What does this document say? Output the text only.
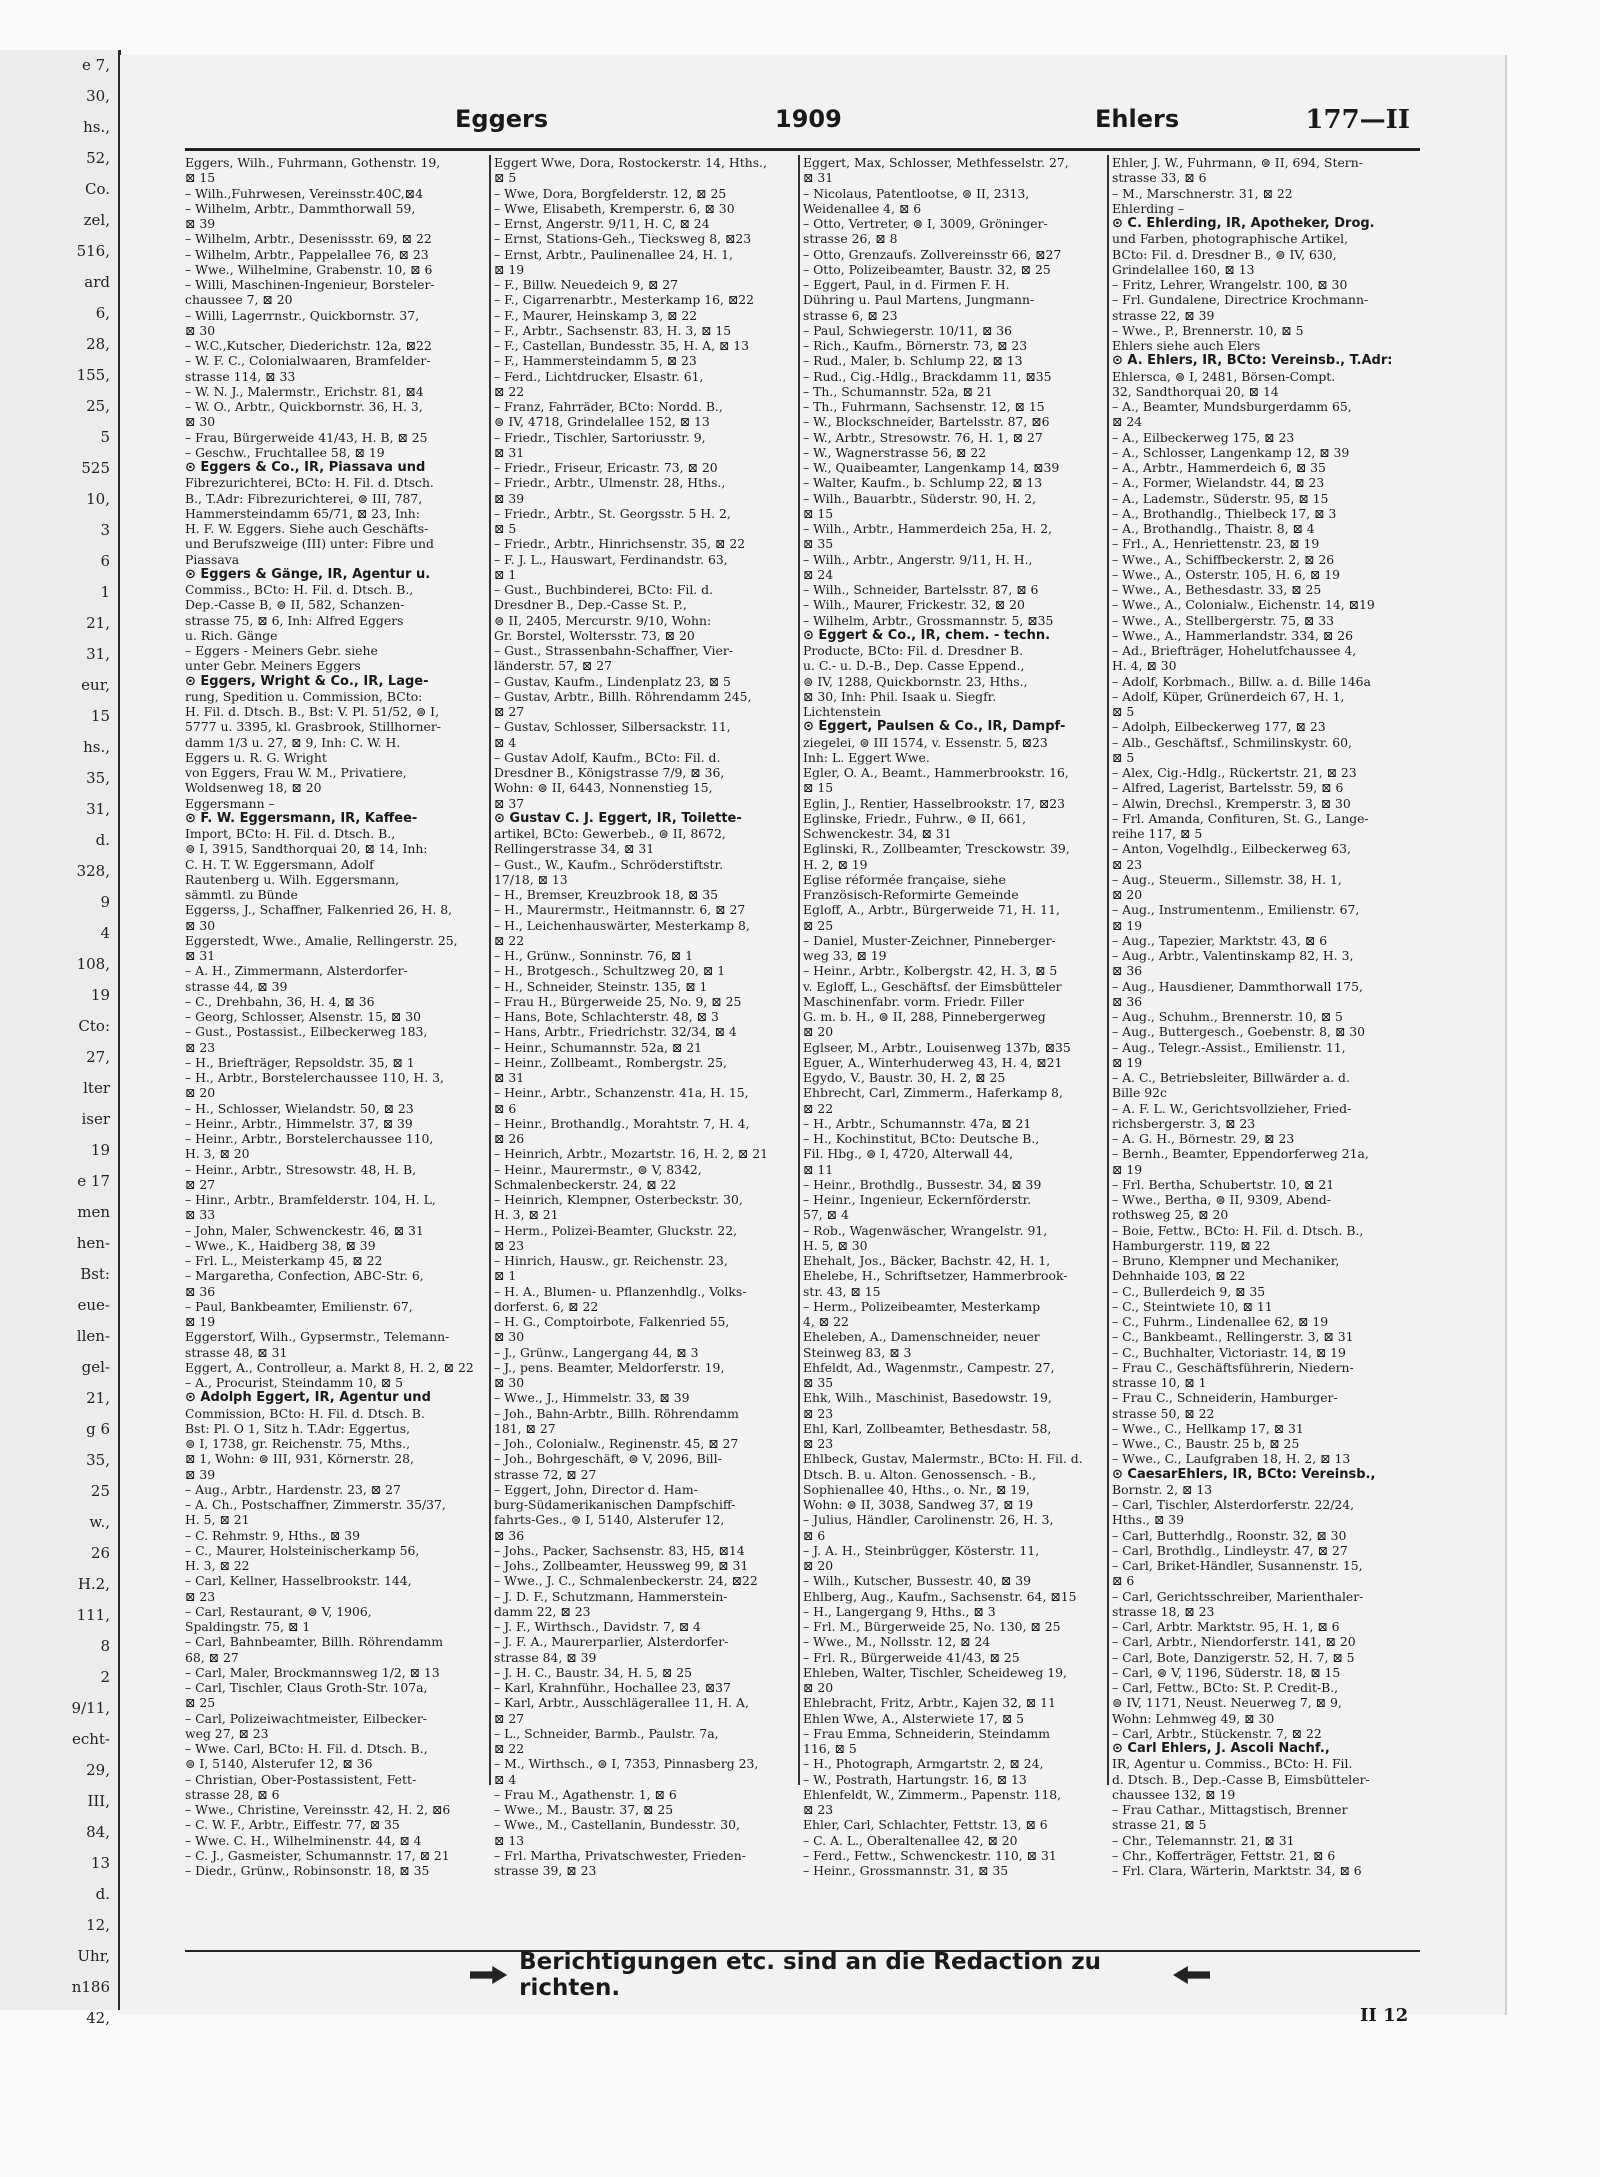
e 7,
30,
hs.,
52,
Co.
zel,
516,
ard
6,
28,
155,
25,
5
525
10,
3
6
1
21,
31,
eur,
15
hs.,
35,
31,
d.
328,
9
4
108,
19
Cto:
27,
lter
iser
19
e 17
men
hen-
Bst:
eue-
llen-
gel-
21,
g 6
35,
25
w.,
26
H.2,
111,
8
2
9/11,
echt-
29,
III,
84,
13
d.
12,
Uhr,
n186
42,
Eggers	1909	Ehlers	177—II

Eggers, Wilh., Fuhrmann, Gothenstr. 19,

⊠ 15

– Wilh.,Fuhrwesen, Vereinsstr.40C,⊠4

– Wilhelm, Arbtr., Dammthorwall 59,

⊠ 39

– Wilhelm, Arbtr., Desenissstr. 69, ⊠ 22

– Wilhelm, Arbtr., Pappelallee 76, ⊠ 23

– Wwe., Wilhelmine, Grabenstr. 10, ⊠ 6

– Willi, Maschinen-Ingenieur, Borsteler-

chaussee 7, ⊠ 20

– Willi, Lagerrnstr., Quickbornstr. 37,

⊠ 30

– W.C.,Kutscher, Diederichstr. 12a, ⊠22

– W. F. C., Colonialwaaren, Bramfelder-

strasse 114, ⊠ 33

– W. N. J., Malermstr., Erichstr. 81, ⊠4

– W. O., Arbtr., Quickbornstr. 36, H. 3,

⊠ 30

– Frau, Bürgerweide 41/43, H. B, ⊠ 25

– Geschw., Fruchtallee 58, ⊠ 19

⊙ Eggers & Co., IR, Piassava und

Fibrezurichterei, BCto: H. Fil. d. Dtsch.

B., T.Adr: Fibrezurichterei, ⊜ III, 787,

Hammersteindamm 65/71, ⊠ 23, Inh:

H. F. W. Eggers. Siehe auch Geschäfts-

und Berufszweige (III) unter: Fibre und

Piassava

⊙ Eggers & Gänge, IR, Agentur u.

Commiss., BCto: H. Fil. d. Dtsch. B.,

Dep.-Casse B, ⊜ II, 582, Schanzen-

strasse 75, ⊠ 6, Inh: Alfred Eggers

u. Rich. Gänge

– Eggers - Meiners Gebr. siehe

unter Gebr. Meiners Eggers

⊙ Eggers, Wright & Co., IR, Lage-

rung, Spedition u. Commission, BCto:

H. Fil. d. Dtsch. B., Bst: V. Pl. 51/52, ⊜ I,

5777 u. 3395, kl. Grasbrook, Stillhorner-

damm 1/3 u. 27, ⊠ 9, Inh: C. W. H.

Eggers u. R. G. Wright

von Eggers, Frau W. M., Privatiere,

Woldsenweg 18, ⊠ 20

Eggersmann –

⊙ F. W. Eggersmann, IR, Kaffee-

Import, BCto: H. Fil. d. Dtsch. B.,

⊜ I, 3915, Sandthorquai 20, ⊠ 14, Inh:

C. H. T. W. Eggersmann, Adolf

Rautenberg u. Wilh. Eggersmann,

sämmtl. zu Bünde

Eggerss, J., Schaffner, Falkenried 26, H. 8,

⊠ 30

Eggerstedt, Wwe., Amalie, Rellingerstr. 25,

⊠ 31

– A. H., Zimmermann, Alsterdorfer-

strasse 44, ⊠ 39

– C., Drehbahn, 36, H. 4, ⊠ 36

– Georg, Schlosser, Alsenstr. 15, ⊠ 30

– Gust., Postassist., Eilbeckerweg 183,

⊠ 23

– H., Briefträger, Repsoldstr. 35, ⊠ 1

– H., Arbtr., Borstelerchaussee 110, H. 3,

⊠ 20

– H., Schlosser, Wielandstr. 50, ⊠ 23

– Heinr., Arbtr., Himmelstr. 37, ⊠ 39

– Heinr., Arbtr., Borstelerchaussee 110,

H. 3, ⊠ 20

– Heinr., Arbtr., Stresowstr. 48, H. B,

⊠ 27

– Hinr., Arbtr., Bramfelderstr. 104, H. L,

⊠ 33

– John, Maler, Schwenckestr. 46, ⊠ 31

– Wwe., K., Haidberg 38, ⊠ 39

– Frl. L., Meisterkamp 45, ⊠ 22

– Margaretha, Confection, ABC-Str. 6,

⊠ 36

– Paul, Bankbeamter, Emilienstr. 67,

⊠ 19

Eggerstorf, Wilh., Gypsermstr., Telemann-

strasse 48, ⊠ 31

Eggert, A., Controlleur, a. Markt 8, H. 2, ⊠ 22

– A., Procurist, Steindamm 10, ⊠ 5

⊙ Adolph Eggert, IR, Agentur und

Commission, BCto: H. Fil. d. Dtsch. B.

Bst: Pl. O 1, Sitz h. T.Adr: Eggertus,

⊜ I, 1738, gr. Reichenstr. 75, Mths.,

⊠ 1, Wohn: ⊜ III, 931, Körnerstr. 28,

⊠ 39

– Aug., Arbtr., Hardenstr. 23, ⊠ 27

– A. Ch., Postschaffner, Zimmerstr. 35/37,

H. 5, ⊠ 21

– C. Rehmstr. 9, Hths., ⊠ 39

– C., Maurer, Holsteinischerkamp 56,

H. 3, ⊠ 22

– Carl, Kellner, Hasselbrookstr. 144,

⊠ 23

– Carl, Restaurant, ⊜ V, 1906,

Spaldingstr. 75, ⊠ 1

– Carl, Bahnbeamter, Billh. Röhrendamm

68, ⊠ 27

– Carl, Maler, Brockmannsweg 1/2, ⊠ 13

– Carl, Tischler, Claus Groth-Str. 107a,

⊠ 25

– Carl, Polizeiwachtmeister, Eilbecker-

weg 27, ⊠ 23

– Wwe. Carl, BCto: H. Fil. d. Dtsch. B.,

⊜ I, 5140, Alsterufer 12, ⊠ 36

– Christian, Ober-Postassistent, Fett-

strasse 28, ⊠ 6

– Wwe., Christine, Vereinsstr. 42, H. 2, ⊠6

– C. W. F., Arbtr., Eiffestr. 77, ⊠ 35

– Wwe. C. H., Wilhelminenstr. 44, ⊠ 4

– C. J., Gasmeister, Schumannstr. 17, ⊠ 21

– Diedr., Grünw., Robinsonstr. 18, ⊠ 35

Eggert Wwe, Dora, Rostockerstr. 14, Hths.,

⊠ 5

– Wwe, Dora, Borgfelderstr. 12, ⊠ 25

– Wwe, Elisabeth, Kremperstr. 6, ⊠ 30

– Ernst, Angerstr. 9/11, H. C, ⊠ 24

– Ernst, Stations-Geh., Tiecksweg 8, ⊠23

– Ernst, Arbtr., Paulinenallee 24, H. 1,

⊠ 19

– F., Billw. Neuedeich 9, ⊠ 27

– F., Cigarrenarbtr., Mesterkamp 16, ⊠22

– F., Maurer, Heinskamp 3, ⊠ 22

– F., Arbtr., Sachsenstr. 83, H. 3, ⊠ 15

– F., Castellan, Bundesstr. 35, H. A, ⊠ 13

– F., Hammersteindamm 5, ⊠ 23

– Ferd., Lichtdrucker, Elsastr. 61,

⊠ 22

– Franz, Fahrräder, BCto: Nordd. B.,

⊜ IV, 4718, Grindelallee 152, ⊠ 13

– Friedr., Tischler, Sartoriusstr. 9,

⊠ 31

– Friedr., Friseur, Ericastr. 73, ⊠ 20

– Friedr., Arbtr., Ulmenstr. 28, Hths.,

⊠ 39

– Friedr., Arbtr., St. Georgsstr. 5 H. 2,

⊠ 5

– Friedr., Arbtr., Hinrichsenstr. 35, ⊠ 22

– F. J. L., Hauswart, Ferdinandstr. 63,

⊠ 1

– Gust., Buchbinderei, BCto: Fil. d.

Dresdner B., Dep.-Casse St. P.,

⊜ II, 2405, Mercurstr. 9/10, Wohn:

Gr. Borstel, Woltersstr. 73, ⊠ 20

– Gust., Strassenbahn-Schaffner, Vier-

länderstr. 57, ⊠ 27

– Gustav, Kaufm., Lindenplatz 23, ⊠ 5

– Gustav, Arbtr., Billh. Röhrendamm 245,

⊠ 27

– Gustav, Schlosser, Silbersackstr. 11,

⊠ 4

– Gustav Adolf, Kaufm., BCto: Fil. d.

Dresdner B., Königstrasse 7/9, ⊠ 36,

Wohn: ⊜ II, 6443, Nonnenstieg 15,

⊠ 37

⊙ Gustav C. J. Eggert, IR, Toilette-

artikel, BCto: Gewerbeb., ⊜ II, 8672,

Rellingerstrasse 34, ⊠ 31

– Gust., W., Kaufm., Schröderstiftstr.

17/18, ⊠ 13

– H., Bremser, Kreuzbrook 18, ⊠ 35

– H., Maurermstr., Heitmannstr. 6, ⊠ 27

– H., Leichenhauswärter, Mesterkamp 8,

⊠ 22

– H., Grünw., Sonninstr. 76, ⊠ 1

– H., Brotgesch., Schultzweg 20, ⊠ 1

– H., Schneider, Steinstr. 135, ⊠ 1

– Frau H., Bürgerweide 25, No. 9, ⊠ 25

– Hans, Bote, Schlachterstr. 48, ⊠ 3

– Hans, Arbtr., Friedrichstr. 32/34, ⊠ 4

– Heinr., Schumannstr. 52a, ⊠ 21

– Heinr., Zollbeamt., Rombergstr. 25,

⊠ 31

– Heinr., Arbtr., Schanzenstr. 41a, H. 15,

⊠ 6

– Heinr., Brothandlg., Morahtstr. 7, H. 4,

⊠ 26

– Heinrich, Arbtr., Mozartstr. 16, H. 2, ⊠ 21

– Heinr., Maurermstr., ⊜ V, 8342,

Schmalenbeckerstr. 24, ⊠ 22

– Heinrich, Klempner, Osterbeckstr. 30,

H. 3, ⊠ 21

– Herm., Polizei-Beamter, Gluckstr. 22,

⊠ 23

– Hinrich, Hausw., gr. Reichenstr. 23,

⊠ 1

– H. A., Blumen- u. Pflanzenhdlg., Volks-

dorferst. 6, ⊠ 22

– H. G., Comptoirbote, Falkenried 55,

⊠ 30

– J., Grünw., Langergang 44, ⊠ 3

– J., pens. Beamter, Meldorferstr. 19,

⊠ 30

– Wwe., J., Himmelstr. 33, ⊠ 39

– Joh., Bahn-Arbtr., Billh. Röhrendamm

181, ⊠ 27

– Joh., Colonialw., Reginenstr. 45, ⊠ 27

– Joh., Bohrgeschäft, ⊜ V, 2096, Bill-

strasse 72, ⊠ 27

– Eggert, John, Director d. Ham-

burg-Südamerikanischen Dampfschiff-

fahrts-Ges., ⊜ I, 5140, Alsterufer 12,

⊠ 36

– Johs., Packer, Sachsenstr. 83, H5, ⊠14

– Johs., Zollbeamter, Heussweg 99, ⊠ 31

– Wwe., J. C., Schmalenbeckerstr. 24, ⊠22

– J. D. F., Schutzmann, Hammerstein-

damm 22, ⊠ 23

– J. F., Wirthsch., Davidstr. 7, ⊠ 4

– J. F. A., Maurerparlier, Alsterdorfer-

strasse 84, ⊠ 39

– J. H. C., Baustr. 34, H. 5, ⊠ 25

– Karl, Krahnführ., Hochallee 23, ⊠37

– Karl, Arbtr., Ausschlägerallee 11, H. A,

⊠ 27

– L., Schneider, Barmb., Paulstr. 7a,

⊠ 22

– M., Wirthsch., ⊜ I, 7353, Pinnasberg 23,

⊠ 4

– Frau M., Agathenstr. 1, ⊠ 6

– Wwe., M., Baustr. 37, ⊠ 25

– Wwe., M., Castellanin, Bundesstr. 30,

⊠ 13

– Frl. Martha, Privatschwester, Frieden-

strasse 39, ⊠ 23

Eggert, Max, Schlosser, Methfesselstr. 27,

⊠ 31

– Nicolaus, Patentlootse, ⊜ II, 2313,

Weidenallee 4, ⊠ 6

– Otto, Vertreter, ⊜ I, 3009, Gröninger-

strasse 26, ⊠ 8

– Otto, Grenzaufs. Zollvereinsstr 66, ⊠27

– Otto, Polizeibeamter, Baustr. 32, ⊠ 25

– Eggert, Paul, in d. Firmen F. H.

Dühring u. Paul Martens, Jungmann-

strasse 6, ⊠ 23

– Paul, Schwiegerstr. 10/11, ⊠ 36

– Rich., Kaufm., Börnerstr. 73, ⊠ 23

– Rud., Maler, b. Schlump 22, ⊠ 13

– Rud., Cig.-Hdlg., Brackdamm 11, ⊠35

– Th., Schumannstr. 52a, ⊠ 21

– Th., Fuhrmann, Sachsenstr. 12, ⊠ 15

– W., Blockschneider, Bartelsstr. 87, ⊠6

– W., Arbtr., Stresowstr. 76, H. 1, ⊠ 27

– W., Wagnerstrasse 56, ⊠ 22

– W., Quaibeamter, Langenkamp 14, ⊠39

– Walter, Kaufm., b. Schlump 22, ⊠ 13

– Wilh., Bauarbtr., Süderstr. 90, H. 2,

⊠ 15

– Wilh., Arbtr., Hammerdeich 25a, H. 2,

⊠ 35

– Wilh., Arbtr., Angerstr. 9/11, H. H.,

⊠ 24

– Wilh., Schneider, Bartelsstr. 87, ⊠ 6

– Wilh., Maurer, Frickestr. 32, ⊠ 20

– Wilhelm, Arbtr., Grossmannstr. 5, ⊠35

⊙ Eggert & Co., IR, chem. - techn.

Producte, BCto: Fil. d. Dresdner B.

u. C.- u. D.-B., Dep. Casse Eppend.,

⊜ IV, 1288, Quickbornstr. 23, Hths.,

⊠ 30, Inh: Phil. Isaak u. Siegfr.

Lichtenstein

⊙ Eggert, Paulsen & Co., IR, Dampf-

ziegelei, ⊜ III 1574, v. Essenstr. 5, ⊠23

Inh: L. Eggert Wwe.

Egler, O. A., Beamt., Hammerbrookstr. 16,

⊠ 15

Eglin, J., Rentier, Hasselbrookstr. 17, ⊠23

Eglinske, Friedr., Fuhrw., ⊜ II, 661,

Schwenckestr. 34, ⊠ 31

Eglinski, R., Zollbeamter, Tresckowstr. 39,

H. 2, ⊠ 19

Eglise réformée française, siehe

Französisch-Reformirte Gemeinde

Egloff, A., Arbtr., Bürgerweide 71, H. 11,

⊠ 25

– Daniel, Muster-Zeichner, Pinneberger-

weg 33, ⊠ 19

– Heinr., Arbtr., Kolbergstr. 42, H. 3, ⊠ 5

v. Egloff, L., Geschäftsf. der Eimsbütteler

Maschinenfabr. vorm. Friedr. Filler

G. m. b. H., ⊜ II, 288, Pinnebergerweg

⊠ 20

Eglseer, M., Arbtr., Louisenweg 137b, ⊠35

Eguer, A., Winterhuderweg 43, H. 4, ⊠21

Egydo, V., Baustr. 30, H. 2, ⊠ 25

Ehbrecht, Carl, Zimmerm., Haferkamp 8,

⊠ 22

– H., Arbtr., Schumannstr. 47a, ⊠ 21

– H., Kochinstitut, BCto: Deutsche B.,

Fil. Hbg., ⊜ I, 4720, Alterwall 44,

⊠ 11

– Heinr., Brothdlg., Bussestr. 34, ⊠ 39

– Heinr., Ingenieur, Eckernförderstr.

57, ⊠ 4

– Rob., Wagenwäscher, Wrangelstr. 91,

H. 5, ⊠ 30

Ehehalt, Jos., Bäcker, Bachstr. 42, H. 1,

Ehelebe, H., Schriftsetzer, Hammerbrook-

str. 43, ⊠ 15

– Herm., Polizeibeamter, Mesterkamp

4, ⊠ 22

Eheleben, A., Damenschneider, neuer

Steinweg 83, ⊠ 3

Ehfeldt, Ad., Wagenmstr., Campestr. 27,

⊠ 35

Ehk, Wilh., Maschinist, Basedowstr. 19,

⊠ 23

Ehl, Karl, Zollbeamter, Bethesdastr. 58,

⊠ 23

Ehlbeck, Gustav, Malermstr., BCto: H. Fil. d.

Dtsch. B. u. Alton. Genossensch. - B.,

Sophienallee 40, Hths., o. Nr., ⊠ 19,

Wohn: ⊜ II, 3038, Sandweg 37, ⊠ 19

– Julius, Händler, Carolinenstr. 26, H. 3,

⊠ 6

– J. A. H., Steinbrügger, Kösterstr. 11,

⊠ 20

– Wilh., Kutscher, Bussestr. 40, ⊠ 39

Ehlberg, Aug., Kaufm., Sachsenstr. 64, ⊠15

– H., Langergang 9, Hths., ⊠ 3

– Frl. M., Bürgerweide 25, No. 130, ⊠ 25

– Wwe., M., Nollsstr. 12, ⊠ 24

– Frl. R., Bürgerweide 41/43, ⊠ 25

Ehleben, Walter, Tischler, Scheideweg 19,

⊠ 20

Ehlebracht, Fritz, Arbtr., Kajen 32, ⊠ 11

Ehlen Wwe, A., Alsterwiete 17, ⊠ 5

– Frau Emma, Schneiderin, Steindamm

116, ⊠ 5

– H., Photograph, Armgartstr. 2, ⊠ 24,

– W., Postrath, Hartungstr. 16, ⊠ 13

Ehlenfeldt, W., Zimmerm., Papenstr. 118,

⊠ 23

Ehler, Carl, Schlachter, Fettstr. 13, ⊠ 6

– C. A. L., Oberaltenallee 42, ⊠ 20

– Ferd., Fettw., Schwenckestr. 110, ⊠ 31

– Heinr., Grossmannstr. 31, ⊠ 35

Ehler, J. W., Fuhrmann, ⊜ II, 694, Stern-

strasse 33, ⊠ 6

– M., Marschnerstr. 31, ⊠ 22

Ehlerding –

⊙ C. Ehlerding, IR, Apotheker, Drog.

und Farben, photographische Artikel,

BCto: Fil. d. Dresdner B., ⊜ IV, 630,

Grindelallee 160, ⊠ 13

– Fritz, Lehrer, Wrangelstr. 100, ⊠ 30

– Frl. Gundalene, Directrice Krochmann-

strasse 22, ⊠ 39

– Wwe., P., Brennerstr. 10, ⊠ 5

Ehlers siehe auch Elers

⊙ A. Ehlers, IR, BCto: Vereinsb., T.Adr:

Ehlersca, ⊜ I, 2481, Börsen-Compt.

32, Sandthorquai 20, ⊠ 14

– A., Beamter, Mundsburgerdamm 65,

⊠ 24

– A., Eilbeckerweg 175, ⊠ 23

– A., Schlosser, Langenkamp 12, ⊠ 39

– A., Arbtr., Hammerdeich 6, ⊠ 35

– A., Former, Wielandstr. 44, ⊠ 23

– A., Lademstr., Süderstr. 95, ⊠ 15

– A., Brothandlg., Thielbeck 17, ⊠ 3

– A., Brothandlg., Thaistr. 8, ⊠ 4

– Frl., A., Henriettenstr. 23, ⊠ 19

– Wwe., A., Schiffbeckerstr. 2, ⊠ 26

– Wwe., A., Osterstr. 105, H. 6, ⊠ 19

– Wwe., A., Bethesdastr. 33, ⊠ 25

– Wwe., A., Colonialw., Eichenstr. 14, ⊠19

– Wwe., A., Stellbergerstr. 75, ⊠ 33

– Wwe., A., Hammerlandstr. 334, ⊠ 26

– Ad., Briefträger, Hohelutfchaussee 4,

H. 4, ⊠ 30

– Adolf, Korbmach., Billw. a. d. Bille 146a

– Adolf, Küper, Grünerdeich 67, H. 1,

⊠ 5

– Adolph, Eilbeckerweg 177, ⊠ 23

– Alb., Geschäftsf., Schmilinskystr. 60,

⊠ 5

– Alex, Cig.-Hdlg., Rückertstr. 21, ⊠ 23

– Alfred, Lagerist, Bartelsstr. 59, ⊠ 6

– Alwin, Drechsl., Kremperstr. 3, ⊠ 30

– Frl. Amanda, Confituren, St. G., Lange-

reihe 117, ⊠ 5

– Anton, Vogelhdlg., Eilbeckerweg 63,

⊠ 23

– Aug., Steuerm., Sillemstr. 38, H. 1,

⊠ 20

– Aug., Instrumentenm., Emilienstr. 67,

⊠ 19

– Aug., Tapezier, Marktstr. 43, ⊠ 6

– Aug., Arbtr., Valentinskamp 82, H. 3,

⊠ 36

– Aug., Hausdiener, Dammthorwall 175,

⊠ 36

– Aug., Schuhm., Brennerstr. 10, ⊠ 5

– Aug., Buttergesch., Goebenstr. 8, ⊠ 30

– Aug., Telegr.-Assist., Emilienstr. 11,

⊠ 19

– A. C., Betriebsleiter, Billwärder a. d.

Bille 92c

– A. F. L. W., Gerichtsvollzieher, Fried-

richsbergerstr. 3, ⊠ 23

– A. G. H., Börnestr. 29, ⊠ 23

– Bernh., Beamter, Eppendorferweg 21a,

⊠ 19

– Frl. Bertha, Schubertstr. 10, ⊠ 21

– Wwe., Bertha, ⊜ II, 9309, Abend-

rothsweg 25, ⊠ 20

– Boie, Fettw., BCto: H. Fil. d. Dtsch. B.,

Hamburgerstr. 119, ⊠ 22

– Bruno, Klempner und Mechaniker,

Dehnhaide 103, ⊠ 22

– C., Bullerdeich 9, ⊠ 35

– C., Steintwiete 10, ⊠ 11

– C., Fuhrm., Lindenallee 62, ⊠ 19

– C., Bankbeamt., Rellingerstr. 3, ⊠ 31

– C., Buchhalter, Victoriastr. 14, ⊠ 19

– Frau C., Geschäftsführerin, Niedern-

strasse 10, ⊠ 1

– Frau C., Schneiderin, Hamburger-

strasse 50, ⊠ 22

– Wwe., C., Hellkamp 17, ⊠ 31

– Wwe., C., Baustr. 25 b, ⊠ 25

– Wwe., C., Laufgraben 18, H. 2, ⊠ 13

⊙ CaesarEhlers, IR, BCto: Vereinsb.,

Bornstr. 2, ⊠ 13

– Carl, Tischler, Alsterdorferstr. 22/24,

Hths., ⊠ 39

– Carl, Butterhdlg., Roonstr. 32, ⊠ 30

– Carl, Brothdlg., Lindleystr. 47, ⊠ 27

– Carl, Briket-Händler, Susannenstr. 15,

⊠ 6

– Carl, Gerichtsschreiber, Marienthaler-

strasse 18, ⊠ 23

– Carl, Arbtr. Marktstr. 95, H. 1, ⊠ 6

– Carl, Arbtr., Niendorferstr. 141, ⊠ 20

– Carl, Bote, Danzigerstr. 52, H. 7, ⊠ 5

– Carl, ⊜ V, 1196, Süderstr. 18, ⊠ 15

– Carl, Fettw., BCto: St. P. Credit-B.,

⊜ IV, 1171, Neust. Neuerweg 7, ⊠ 9,

Wohn: Lehmweg 49, ⊠ 30

– Carl, Arbtr., Stückenstr. 7, ⊠ 22

⊙ Carl Ehlers, J. Ascoli Nachf.,

IR, Agentur u. Commiss., BCto: H. Fil.

d. Dtsch. B., Dep.-Casse B, Eimsbütteler-

chaussee 132, ⊠ 19

– Frau Cathar., Mittagstisch, Brenner

strasse 21, ⊠ 5

– Chr., Telemannstr. 21, ⊠ 31

– Chr., Kofferträger, Fettstr. 21, ⊠ 6

– Frl. Clara, Wärterin, Marktstr. 34, ⊠ 6

Berichtigungen etc. sind an die Redaction zu richten.
II 12
